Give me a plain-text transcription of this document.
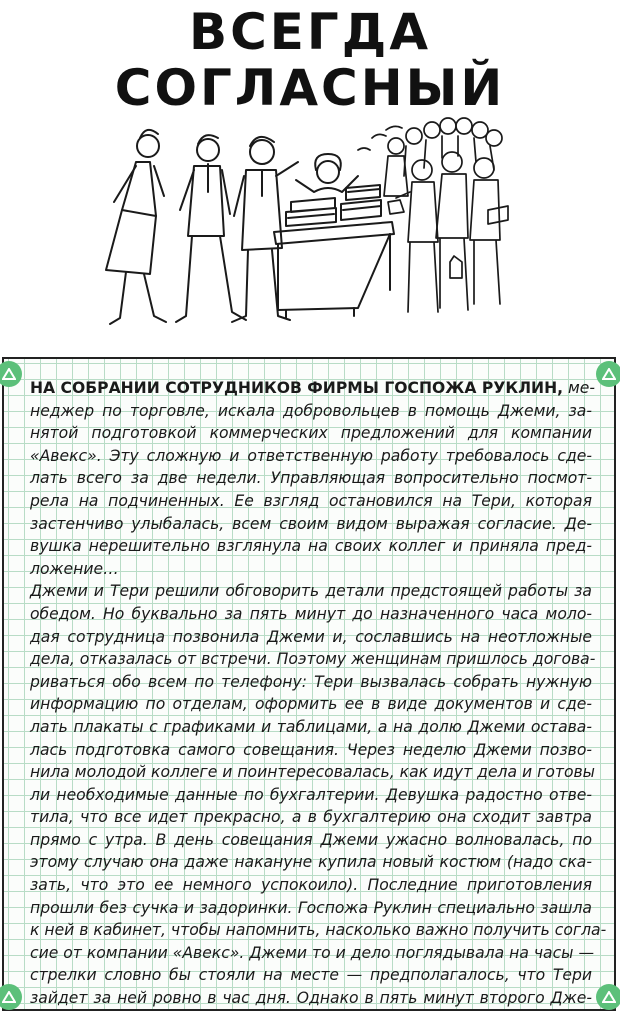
ВСЕГДА СОГЛАСНЫЙ
НА СОБРАНИИ СОТРУДНИКОВ ФИРМЫ ГОСПОЖА РУКЛИН, ме-
неджер по торговле, искала добровольцев в помощь Джеми, за-
нятой подготовкой коммерческих предложений для компании
«Авекс». Эту сложную и ответственную работу требовалось сде-
лать всего за две недели. Управляющая вопросительно посмот-
рела на подчиненных. Ее взгляд остановился на Тери, которая
застенчиво улыбалась, всем своим видом выражая согласие. Де-
вушка нерешительно взглянула на своих коллег и приняла пред-
ложение…
Джеми и Тери решили обговорить детали предстоящей работы за
обедом. Но буквально за пять минут до назначенного часа моло-
дая сотрудница позвонила Джеми и, сославшись на неотложные
дела, отказалась от встречи. Поэтому женщинам пришлось догова-
риваться обо всем по телефону: Тери вызвалась собрать нужную
информацию по отделам, оформить ее в виде документов и сде-
лать плакаты с графиками и таблицами, а на долю Джеми остава-
лась подготовка самого совещания. Через неделю Джеми позво-
нила молодой коллеге и поинтересовалась, как идут дела и готовы
ли необходимые данные по бухгалтерии. Девушка радостно отве-
тила, что все идет прекрасно, а в бухгалтерию она сходит завтра
прямо с утра. В день совещания Джеми ужасно волновалась, по
этому случаю она даже накануне купила новый костюм (надо ска-
зать, что это ее немного успокоило). Последние приготовления
прошли без сучка и задоринки. Госпожа Руклин специально зашла
к ней в кабинет, чтобы напомнить, насколько важно получить согла-
сие от компании «Авекс». Джеми то и дело поглядывала на часы —
стрелки словно бы стояли на месте — предполагалось, что Тери
зайдет за ней ровно в час дня. Однако в пять минут второго Дже-
